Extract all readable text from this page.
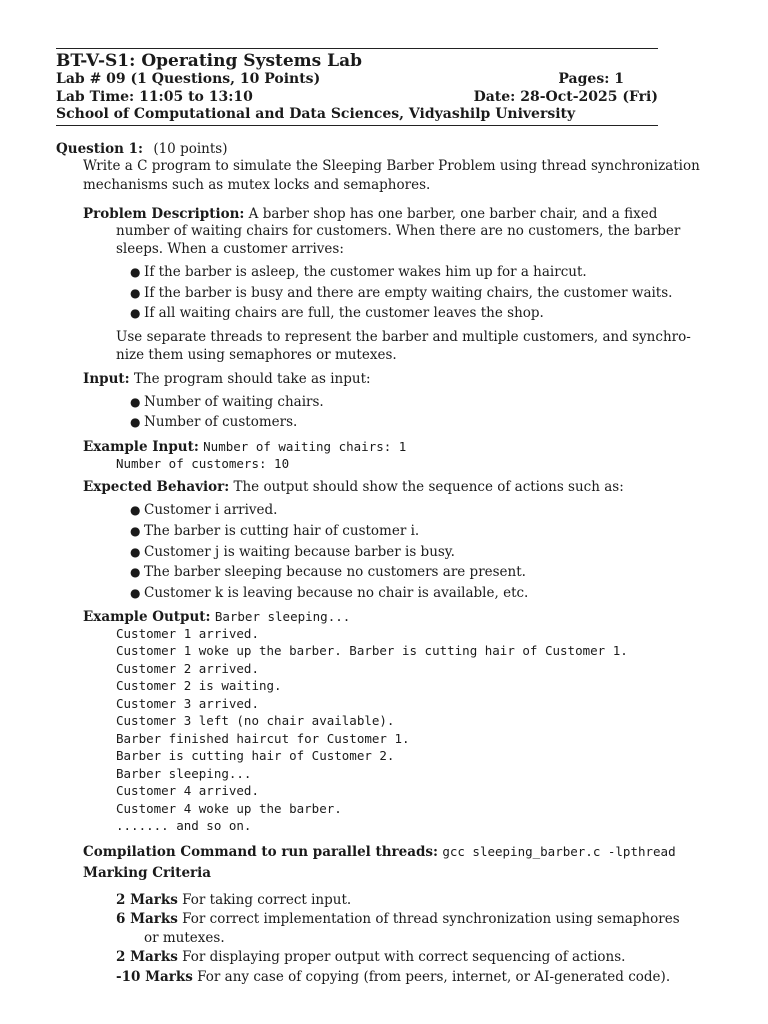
BT-V-S1: Operating Systems Lab
Lab # 09 (1 Questions, 10 Points)	Pages: 1
Lab Time: 11:05 to 13:10	Date: 28-Oct-2025 (Fri)
School of Computational and Data Sciences, Vidyashilp University
Question 1: (10 points)
Write a C program to simulate the Sleeping Barber Problem using thread synchronization
mechanisms such as mutex locks and semaphores.
Problem Description: A barber shop has one barber, one barber chair, and a fixed
number of waiting chairs for customers. When there are no customers, the barber
sleeps. When a customer arrives:
● If the barber is asleep, the customer wakes him up for a haircut.
● If the barber is busy and there are empty waiting chairs, the customer waits.
● If all waiting chairs are full, the customer leaves the shop.
Use separate threads to represent the barber and multiple customers, and synchro-
nize them using semaphores or mutexes.
Input: The program should take as input:
● Number of waiting chairs.
● Number of customers.
Example Input: Number of waiting chairs: 1
Number of customers: 10
Expected Behavior: The output should show the sequence of actions such as:
● Customer i arrived.
● The barber is cutting hair of customer i.
● Customer j is waiting because barber is busy.
● The barber sleeping because no customers are present.
● Customer k is leaving because no chair is available, etc.
Example Output: Barber sleeping...
Customer 1 arrived.
Customer 1 woke up the barber. Barber is cutting hair of Customer 1.
Customer 2 arrived.
Customer 2 is waiting.
Customer 3 arrived.
Customer 3 left (no chair available).
Barber finished haircut for Customer 1.
Barber is cutting hair of Customer 2.
Barber sleeping...
Customer 4 arrived.
Customer 4 woke up the barber.
....... and so on.
Compilation Command to run parallel threads: gcc sleeping_barber.c -lpthread
Marking Criteria
2 Marks For taking correct input.
6 Marks For correct implementation of thread synchronization using semaphores
or mutexes.
2 Marks For displaying proper output with correct sequencing of actions.
-10 Marks For any case of copying (from peers, internet, or AI-generated code).
